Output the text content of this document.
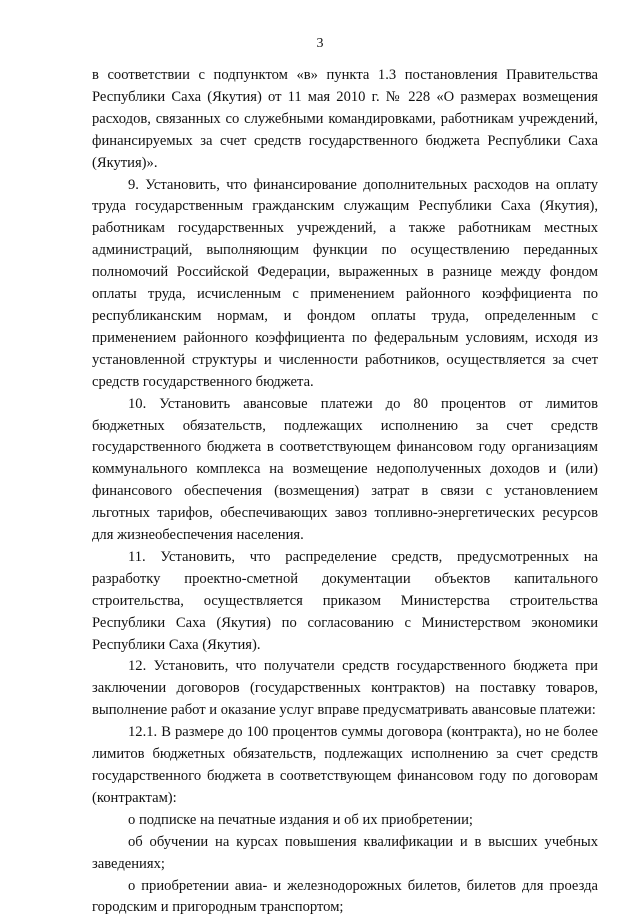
3

в соответствии с подпунктом «в» пункта 1.3 постановления Правительства Республики Саха (Якутия) от 11 мая 2010 г. № 228 «О размерах возмещения расходов, связанных со служебными командировками, работникам учреждений, финансируемых за счет средств государственного бюджета Республики Саха (Якутия)».

9. Установить, что финансирование дополнительных расходов на оплату труда государственным гражданским служащим Республики Саха (Якутия), работникам государственных учреждений, а также работникам местных администраций, выполняющим функции по осуществлению переданных полномочий Российской Федерации, выраженных в разнице между фондом оплаты труда, исчисленным с применением районного коэффициента по республиканским нормам, и фондом оплаты труда, определенным с применением районного коэффициента по федеральным условиям, исходя из установленной структуры и численности работников, осуществляется за счет средств государственного бюджета.

10. Установить авансовые платежи до 80 процентов от лимитов бюджетных обязательств, подлежащих исполнению за счет средств государственного бюджета в соответствующем финансовом году организациям коммунального комплекса на возмещение недополученных доходов и (или) финансового обеспечения (возмещения) затрат в связи с установлением льготных тарифов, обеспечивающих завоз топливно-энергетических ресурсов для жизнеобеспечения населения.

11. Установить, что распределение средств, предусмотренных на разработку проектно-сметной документации объектов капитального строительства, осуществляется приказом Министерства строительства Республики Саха (Якутия) по согласованию с Министерством экономики Республики Саха (Якутия).

12. Установить, что получатели средств государственного бюджета при заключении договоров (государственных контрактов) на поставку товаров, выполнение работ и оказание услуг вправе предусматривать авансовые платежи:

12.1. В размере до 100 процентов суммы договора (контракта), но не более лимитов бюджетных обязательств, подлежащих исполнению за счет средств государственного бюджета в соответствующем финансовом году по договорам (контрактам):

о подписке на печатные издания и об их приобретении;

об обучении на курсах повышения квалификации и в высших учебных заведениях;

о приобретении авиа- и железнодорожных билетов, билетов для проезда городским и пригородным транспортом;
